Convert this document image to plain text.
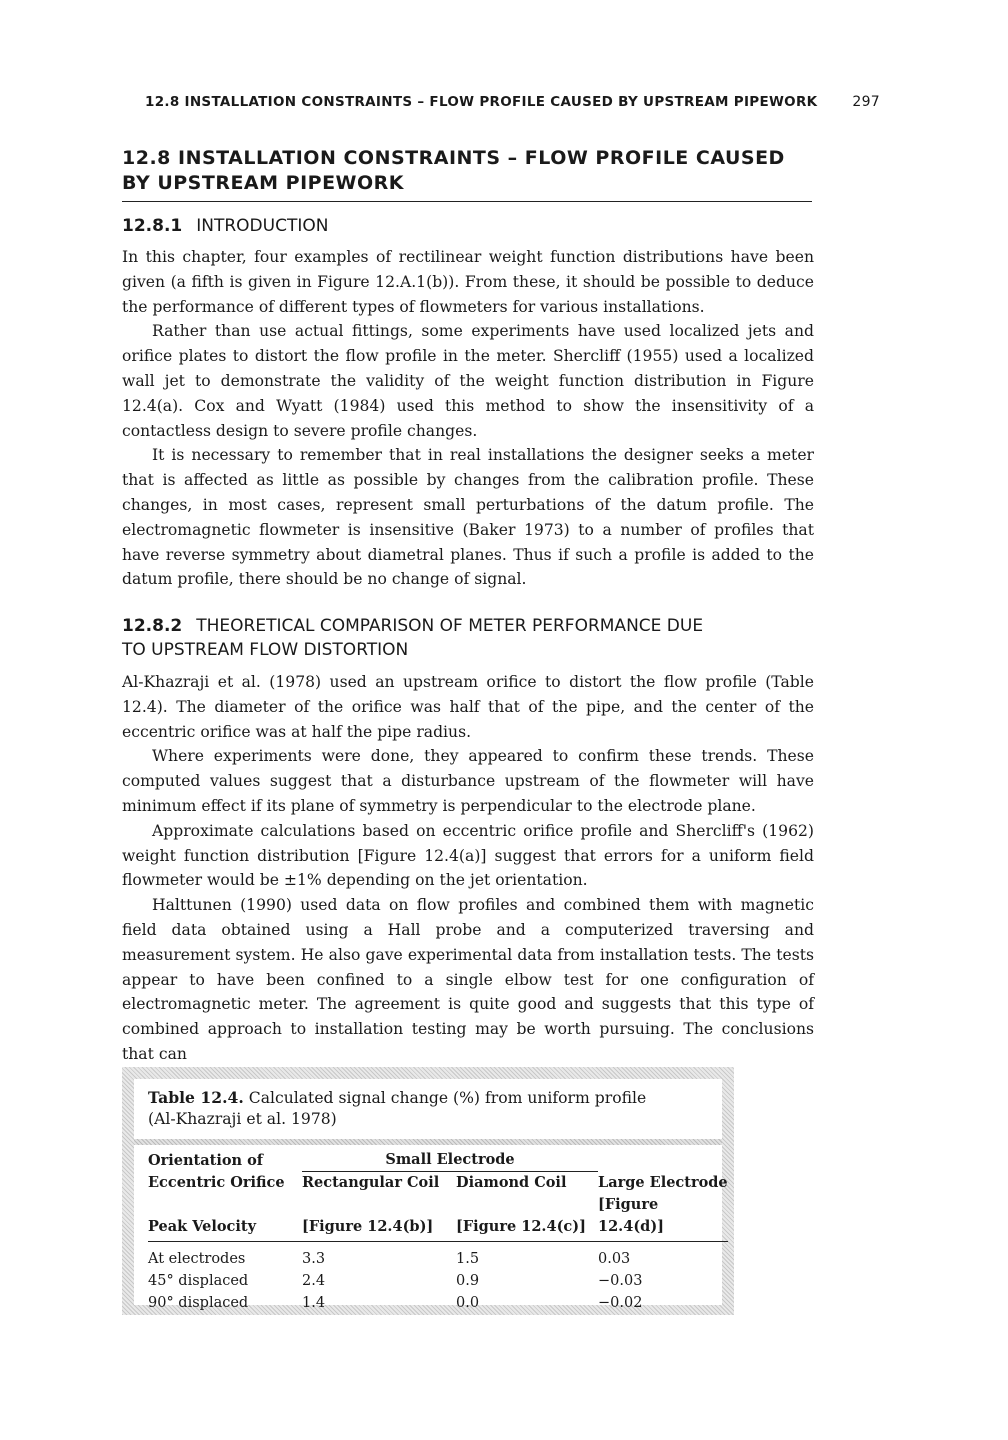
12.8 INSTALLATION CONSTRAINTS – FLOW PROFILE CAUSED BY UPSTREAM PIPEWORK 297
12.8 INSTALLATION CONSTRAINTS – FLOW PROFILE CAUSED
BY UPSTREAM PIPEWORK
12.8.1 INTRODUCTION

In this chapter, four examples of rectilinear weight function distributions have been given (a fifth is given in Figure 12.A.1(b)). From these, it should be possible to deduce the performance of different types of flowmeters for various installations.

Rather than use actual fittings, some experiments have used localized jets and orifice plates to distort the flow profile in the meter. Shercliff (1955) used a localized wall jet to demonstrate the validity of the weight function distribution in Figure 12.4(a). Cox and Wyatt (1984) used this method to show the insensitivity of a contactless design to severe profile changes.

It is necessary to remember that in real installations the designer seeks a meter that is affected as little as possible by changes from the calibration profile. These changes, in most cases, represent small perturbations of the datum profile. The electromagnetic flowmeter is insensitive (Baker 1973) to a number of profiles that have reverse symmetry about diametral planes. Thus if such a profile is added to the datum profile, there should be no change of signal.

12.8.2 THEORETICAL COMPARISON OF METER PERFORMANCE DUE
TO UPSTREAM FLOW DISTORTION

Al-Khazraji et al. (1978) used an upstream orifice to distort the flow profile (Table 12.4). The diameter of the orifice was half that of the pipe, and the center of the eccentric orifice was at half the pipe radius.

Where experiments were done, they appeared to confirm these trends. These computed values suggest that a disturbance upstream of the flowmeter will have minimum effect if its plane of symmetry is perpendicular to the electrode plane.

Approximate calculations based on eccentric orifice profile and Shercliff's (1962) weight function distribution [Figure 12.4(a)] suggest that errors for a uniform field flowmeter would be ±1% depending on the jet orientation.

Halttunen (1990) used data on flow profiles and combined them with magnetic field data obtained using a Hall probe and a computerized traversing and measurement system. He also gave experimental data from installation tests. The tests appear to have been confined to a single elbow test for one configuration of electromagnetic meter. The agreement is quite good and suggests that this type of combined approach to installation testing may be worth pursuing. The conclusions that can

Table 12.4. Calculated signal change (%) from uniform profile
(Al-Khazraji et al. 1978)
Orientation of	Small Electrode		
Eccentric Orifice	Rectangular Coil	Diamond Coil	Large Electrode
Peak Velocity	[Figure 12.4(b)]	[Figure 12.4(c)]	[Figure 12.4(d)]
At electrodes	3.3	1.5	0.03
45° displaced	2.4	0.9	−0.03
90° displaced	1.4	0.0	−0.02
